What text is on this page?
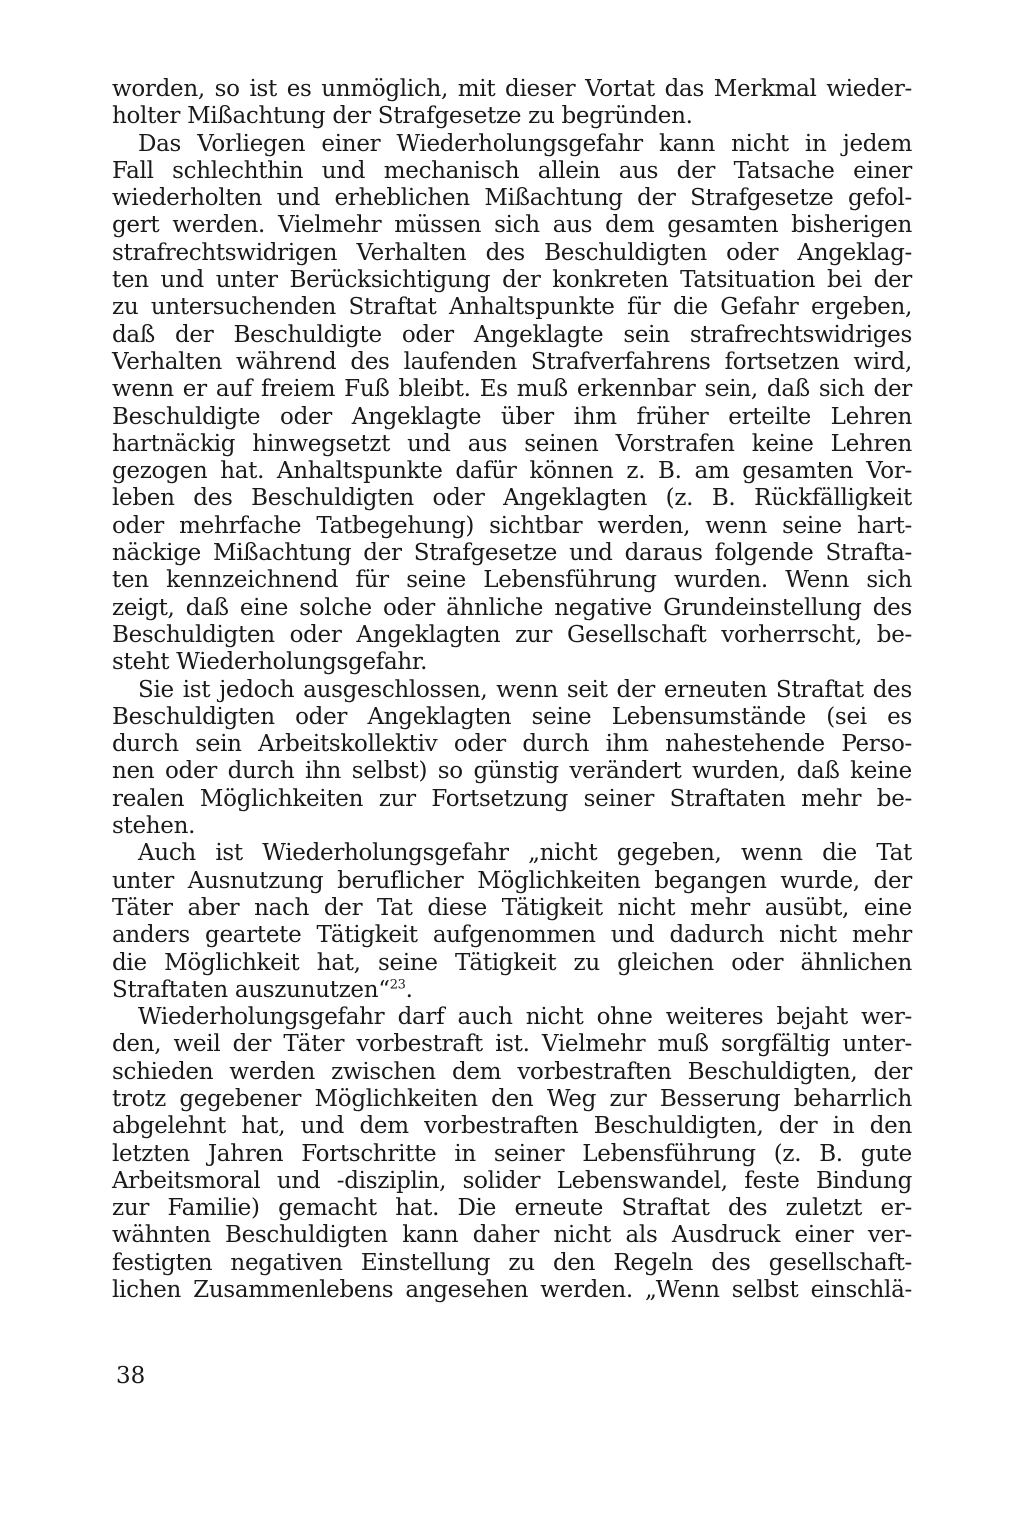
worden, so ist es unmöglich, mit dieser Vortat das Merkmal wieder-
holter Mißachtung der Strafgesetze zu begründen.
Das Vorliegen einer Wiederholungsgefahr kann nicht in jedem
Fall schlechthin und mechanisch allein aus der Tatsache einer
wiederholten und erheblichen Mißachtung der Strafgesetze gefol-
gert werden. Vielmehr müssen sich aus dem gesamten bisherigen
strafrechtswidrigen Verhalten des Beschuldigten oder Angeklag-
ten und unter Berücksichtigung der konkreten Tatsituation bei der
zu untersuchenden Straftat Anhaltspunkte für die Gefahr ergeben,
daß der Beschuldigte oder Angeklagte sein strafrechtswidriges
Verhalten während des laufenden Strafverfahrens fortsetzen wird,
wenn er auf freiem Fuß bleibt. Es muß erkennbar sein, daß sich der
Beschuldigte oder Angeklagte über ihm früher erteilte Lehren
hartnäckig hinwegsetzt und aus seinen Vorstrafen keine Lehren
gezogen hat. Anhaltspunkte dafür können z. B. am gesamten Vor-
leben des Beschuldigten oder Angeklagten (z. B. Rückfälligkeit
oder mehrfache Tatbegehung) sichtbar werden, wenn seine hart-
näckige Mißachtung der Strafgesetze und daraus folgende Strafta-
ten kennzeichnend für seine Lebensführung wurden. Wenn sich
zeigt, daß eine solche oder ähnliche negative Grundeinstellung des
Beschuldigten oder Angeklagten zur Gesellschaft vorherrscht, be-
steht Wiederholungsgefahr.
Sie ist jedoch ausgeschlossen, wenn seit der erneuten Straftat des
Beschuldigten oder Angeklagten seine Lebensumstände (sei es
durch sein Arbeitskollektiv oder durch ihm nahestehende Perso-
nen oder durch ihn selbst) so günstig verändert wurden, daß keine
realen Möglichkeiten zur Fortsetzung seiner Straftaten mehr be-
stehen.
Auch ist Wiederholungsgefahr „nicht gegeben, wenn die Tat
unter Ausnutzung beruflicher Möglichkeiten begangen wurde, der
Täter aber nach der Tat diese Tätigkeit nicht mehr ausübt, eine
anders geartete Tätigkeit aufgenommen und dadurch nicht mehr
die Möglichkeit hat, seine Tätigkeit zu gleichen oder ähnlichen
Straftaten auszunutzen“$^{23}$.
Wiederholungsgefahr darf auch nicht ohne weiteres bejaht wer-
den, weil der Täter vorbestraft ist. Vielmehr muß sorgfältig unter-
schieden werden zwischen dem vorbestraften Beschuldigten, der
trotz gegebener Möglichkeiten den Weg zur Besserung beharrlich
abgelehnt hat, und dem vorbestraften Beschuldigten, der in den
letzten Jahren Fortschritte in seiner Lebensführung (z. B. gute
Arbeitsmoral und -disziplin, solider Lebenswandel, feste Bindung
zur Familie) gemacht hat. Die erneute Straftat des zuletzt er-
wähnten Beschuldigten kann daher nicht als Ausdruck einer ver-
festigten negativen Einstellung zu den Regeln des gesellschaft-
lichen Zusammenlebens angesehen werden. „Wenn selbst einschlä-
38
